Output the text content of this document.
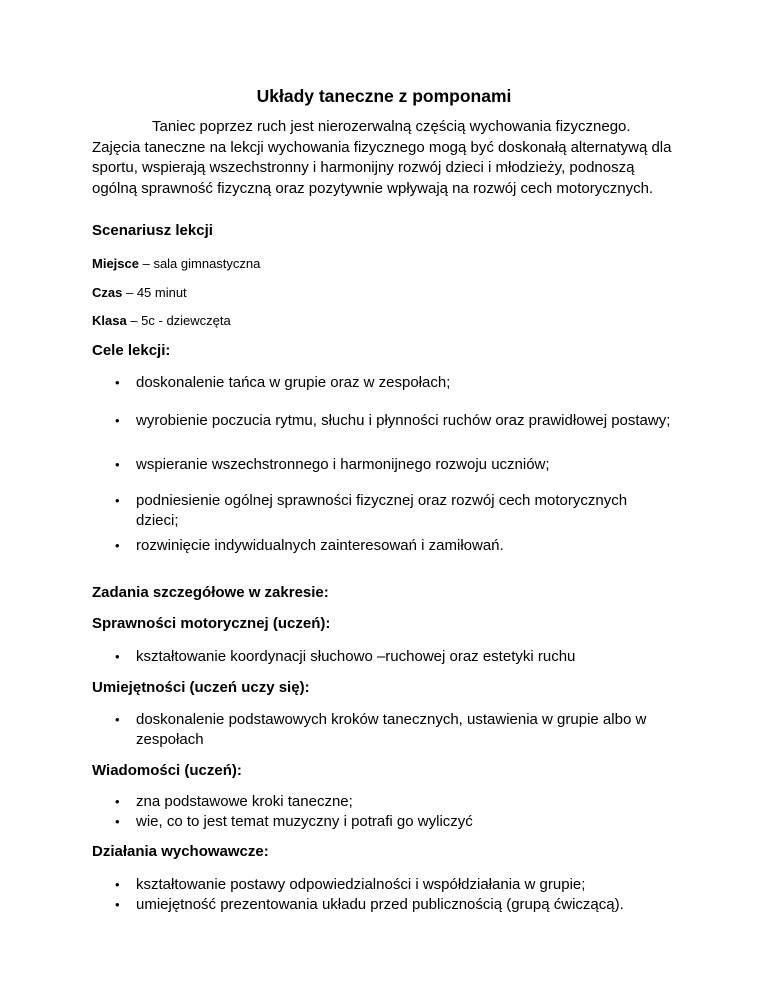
Układy taneczne z pomponami

Taniec poprzez ruch jest nierozerwalną częścią wychowania fizycznego. Zajęcia taneczne na lekcji wychowania fizycznego mogą być doskonałą alternatywą dla sportu, wspierają wszechstronny i harmonijny rozwój dzieci i młodzieży, podnoszą ogólną sprawność fizyczną oraz pozytywnie wpływają na rozwój cech motorycznych.

Scenariusz lekcji

Miejsce – sala gimnastyczna

Czas – 45 minut

Klasa – 5c - dziewczęta

Cele lekcji:

• doskonalenie tańca w grupie oraz w zespołach;
• wyrobienie poczucia rytmu, słuchu i płynności ruchów oraz prawidłowej postawy;
• wspieranie wszechstronnego i harmonijnego rozwoju uczniów;
• podniesienie ogólnej sprawności fizycznej oraz rozwój cech motorycznych dzieci;
• rozwinięcie indywidualnych zainteresowań i zamiłowań.

Zadania szczegółowe w zakresie:

Sprawności motorycznej (uczeń):

• kształtowanie koordynacji słuchowo –ruchowej oraz estetyki ruchu

Umiejętności (uczeń uczy się):

• doskonalenie podstawowych kroków tanecznych, ustawienia w grupie albo w zespołach

Wiadomości (uczeń):

• zna podstawowe kroki taneczne;
• wie, co to jest temat muzyczny i potrafi go wyliczyć

Działania wychowawcze:

• kształtowanie postawy odpowiedzialności i współdziałania w grupie;
• umiejętność prezentowania układu przed publicznością (grupą ćwiczącą).
